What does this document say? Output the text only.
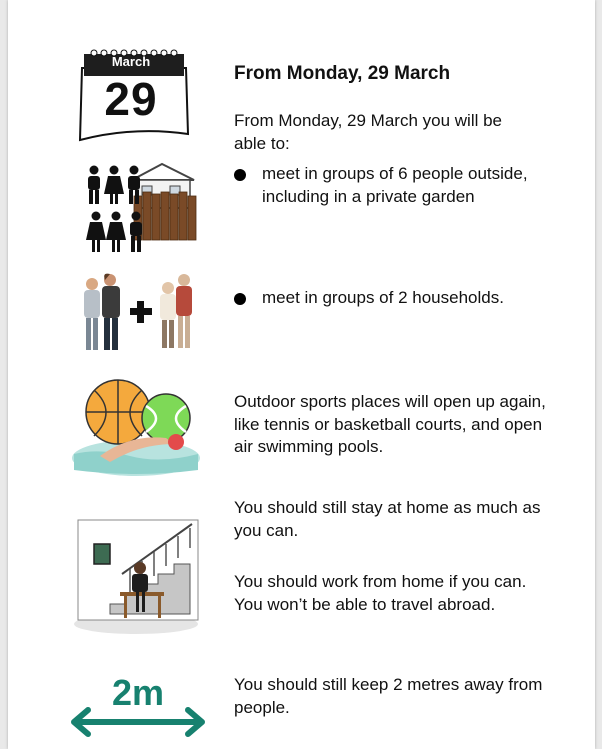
March
29	From Monday, 29 March
From Monday, 29 March you will be able to:
meet in groups of 6 people outside, including in a private garden
meet in groups of 2 households.
Outdoor sports places will open up again, like tennis or basketball courts, and open air swimming pools.
You should still stay at home as much as you can.
You should work from home if you can. You won’t be able to travel abroad.
2m	You should still keep 2 metres away from people.
